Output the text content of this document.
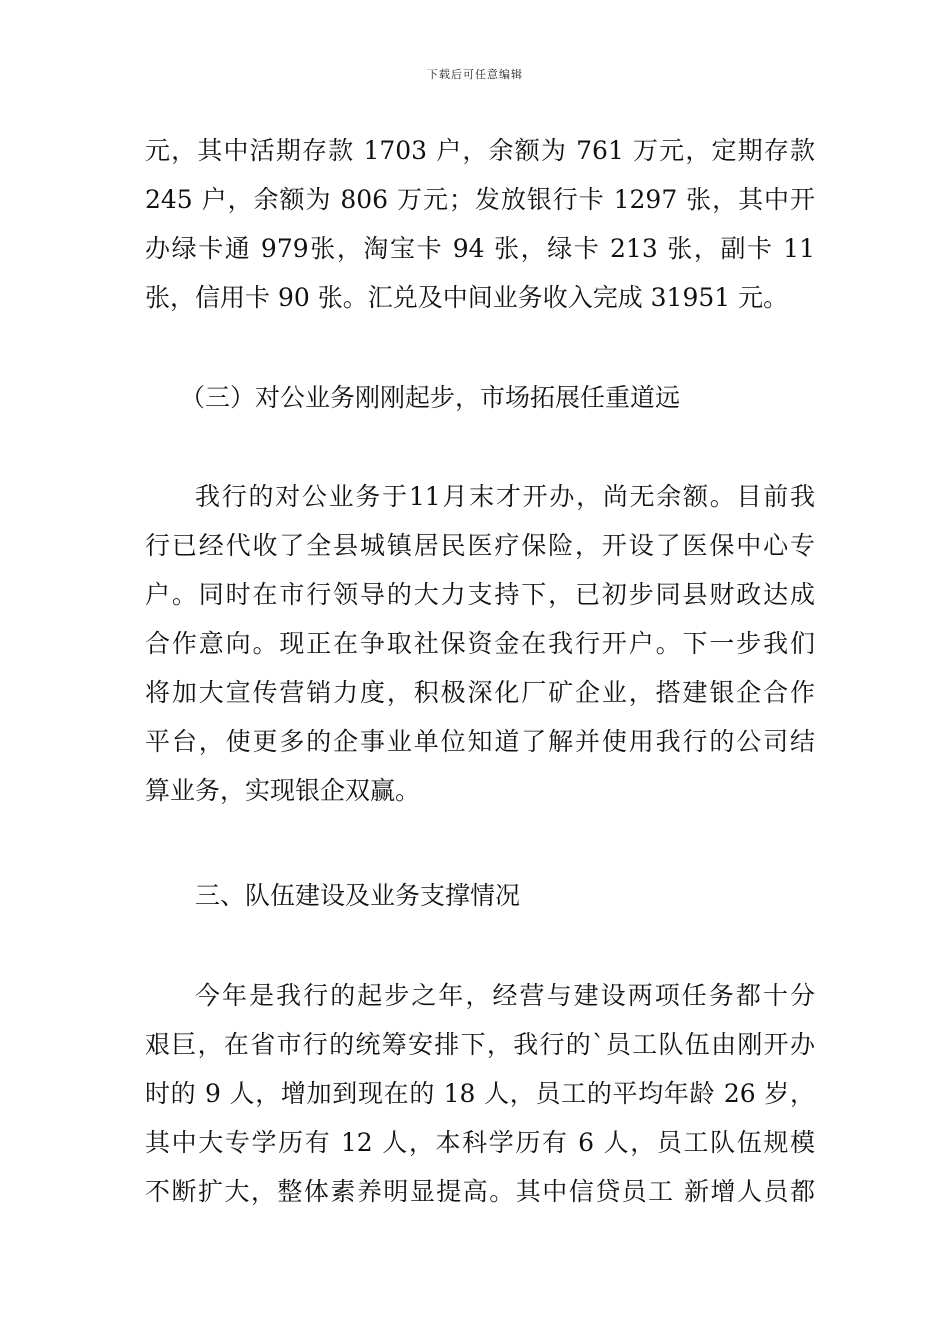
下载后可任意编辑
元，其中活期存款 1703 户，余额为 761 万元，定期存款
245 户，余额为 806 万元；发放银行卡 1297 张，其中开
办绿卡通 979张，淘宝卡 94 张，绿卡 213 张，副卡 11
张，信用卡 90 张。汇兑及中间业务收入完成 31951 元。
（三）对公业务刚刚起步，市场拓展任重道远
我行的对公业务于11月末才开办，尚无余额。目前我
行已经代收了全县城镇居民医疗保险，开设了医保中心专
户。同时在市行领导的大力支持下，已初步同县财政达成
合作意向。现正在争取社保资金在我行开户。下一步我们
将加大宣传营销力度，积极深化厂矿企业，搭建银企合作
平台，使更多的企事业单位知道了解并使用我行的公司结
算业务，实现银企双赢。
三、队伍建设及业务支撑情况
今年是我行的起步之年，经营与建设两项任务都十分
艰巨，在省市行的统筹安排下，我行的`员工队伍由刚开办
时的 9 人，增加到现在的 18 人，员工的平均年龄 26 岁，
其中大专学历有 12 人，本科学历有 6 人，员工队伍规模
不断扩大，整体素养明显提高。其中信贷员工 新增人员都
